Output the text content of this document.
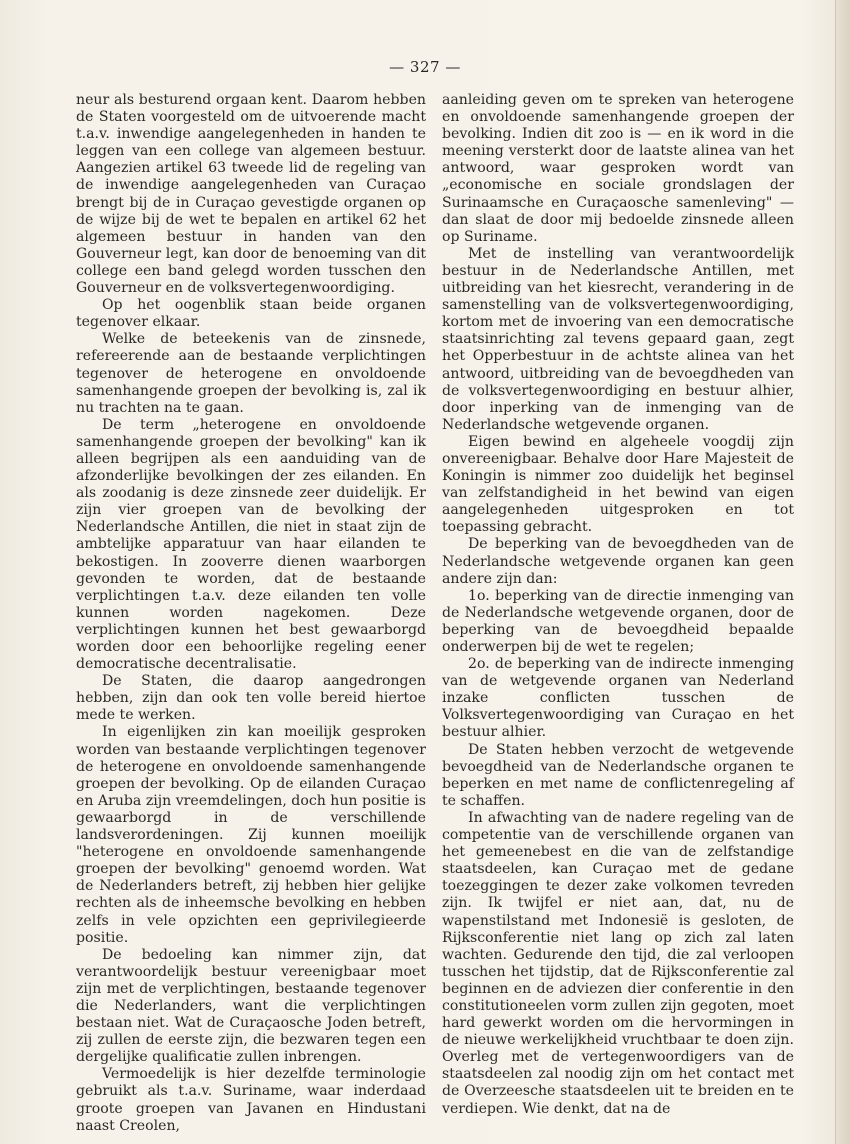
— 327 —

neur als besturend orgaan kent. Daarom hebben de Staten voorgesteld om de uitvoerende macht t.a.v. inwendige aangelegenheden in handen te leggen van een college van algemeen bestuur. Aangezien artikel 63 tweede lid de regeling van de inwendige aangelegenheden van Curaçao brengt bij de in Curaçao gevestigde organen op de wijze bij de wet te bepalen en artikel 62 het algemeen bestuur in handen van den Gouverneur legt, kan door de benoeming van dit college een band gelegd worden tusschen den Gouverneur en de volksvertegenwoordiging.

Op het oogenblik staan beide organen tegenover elkaar.

Welke de beteekenis van de zinsnede, refereerende aan de bestaande verplichtingen tegenover de heterogene en onvoldoende samenhangende groepen der bevolking is, zal ik nu trachten na te gaan.

De term „heterogene en onvoldoende samenhangende groepen der bevolking" kan ik alleen begrijpen als een aanduiding van de afzonderlijke bevolkingen der zes eilanden. En als zoodanig is deze zinsnede zeer duidelijk. Er zijn vier groepen van de bevolking der Nederlandsche Antillen, die niet in staat zijn de ambtelijke apparatuur van haar eilanden te bekostigen. In zooverre dienen waarborgen gevonden te worden, dat de bestaande verplichtingen t.a.v. deze eilanden ten volle kunnen worden nagekomen. Deze verplichtingen kunnen het best gewaarborgd worden door een behoorlijke regeling eener democratische decentralisatie.

De Staten, die daarop aangedrongen hebben, zijn dan ook ten volle bereid hiertoe mede te werken.

In eigenlijken zin kan moeilijk gesproken worden van bestaande verplichtingen tegenover de heterogene en onvoldoende samenhangende groepen der bevolking. Op de eilanden Curaçao en Aruba zijn vreemdelingen, doch hun positie is gewaarborgd in de verschillende landsverordeningen. Zij kunnen moeilijk "heterogene en onvoldoende samenhangende groepen der bevolking" genoemd worden. Wat de Nederlanders betreft, zij hebben hier gelijke rechten als de inheemsche bevolking en hebben zelfs in vele opzichten een geprivilegieerde positie.

De bedoeling kan nimmer zijn, dat verantwoordelijk bestuur vereenigbaar moet zijn met de verplichtingen, bestaande tegenover die Nederlanders, want die verplichtingen bestaan niet. Wat de Curaçaosche Joden betreft, zij zullen de eerste zijn, die bezwaren tegen een dergelijke qualificatie zullen inbrengen.

Vermoedelijk is hier dezelfde terminologie gebruikt als t.a.v. Suriname, waar inderdaad groote groepen van Javanen en Hindustani naast Creolen,

aanleiding geven om te spreken van heterogene en onvoldoende samenhangende groepen der bevolking. Indien dit zoo is — en ik word in die meening versterkt door de laatste alinea van het antwoord, waar gesproken wordt van „economische en sociale grondslagen der Surinaamsche en Curaçaosche samenleving" — dan slaat de door mij bedoelde zinsnede alleen op Suriname.

Met de instelling van verantwoordelijk bestuur in de Nederlandsche Antillen, met uitbreiding van het kiesrecht, verandering in de samenstelling van de volksvertegenwoordiging, kortom met de invoering van een democratische staatsinrichting zal tevens gepaard gaan, zegt het Opperbestuur in de achtste alinea van het antwoord, uitbreiding van de bevoegdheden van de volksvertegenwoordiging en bestuur alhier, door inperking van de inmenging van de Nederlandsche wetgevende organen.

Eigen bewind en algeheele voogdij zijn onvereenigbaar. Behalve door Hare Majesteit de Koningin is nimmer zoo duidelijk het beginsel van zelfstandigheid in het bewind van eigen aangelegenheden uitgesproken en tot toepassing gebracht.

De beperking van de bevoegdheden van de Nederlandsche wetgevende organen kan geen andere zijn dan:

1o. beperking van de directie inmenging van de Nederlandsche wetgevende organen, door de beperking van de bevoegdheid bepaalde onderwerpen bij de wet te regelen;

2o. de beperking van de indirecte inmenging van de wetgevende organen van Nederland inzake conflicten tusschen de Volksvertegenwoordiging van Curaçao en het bestuur alhier.

De Staten hebben verzocht de wetgevende bevoegdheid van de Nederlandsche organen te beperken en met name de conflictenregeling af te schaffen.

In afwachting van de nadere regeling van de competentie van de verschillende organen van het gemeenebest en die van de zelfstandige staatsdeelen, kan Curaçao met de gedane toezeggingen te dezer zake volkomen tevreden zijn. Ik twijfel er niet aan, dat, nu de wapenstilstand met Indonesië is gesloten, de Rijksconferentie niet lang op zich zal laten wachten. Gedurende den tijd, die zal verloopen tusschen het tijdstip, dat de Rijksconferentie zal beginnen en de adviezen dier conferentie in den constitutioneelen vorm zullen zijn gegoten, moet hard gewerkt worden om die hervormingen in de nieuwe werkelijkheid vruchtbaar te doen zijn. Overleg met de vertegenwoordigers van de staatsdeelen zal noodig zijn om het contact met de Overzeesche staatsdeelen uit te breiden en te verdiepen. Wie denkt, dat na de
